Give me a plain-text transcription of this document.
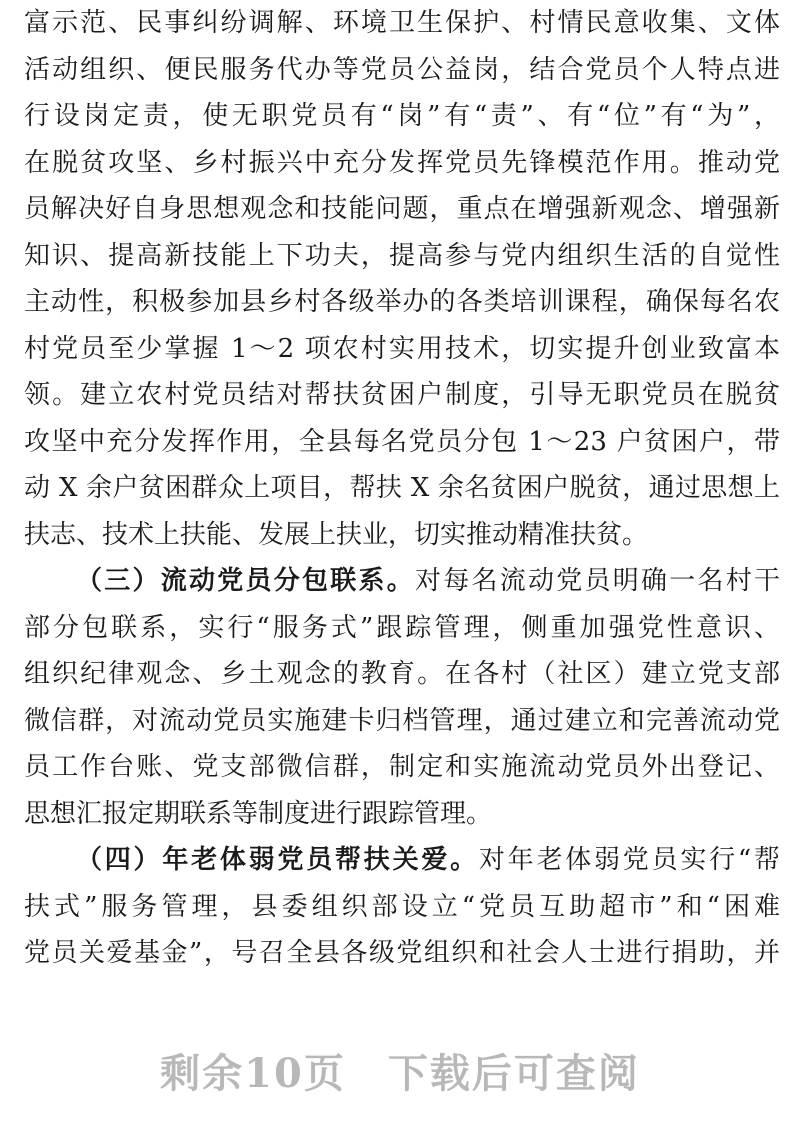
富示范、民事纠纷调解、环境卫生保护、村情民意收集、文体
活动组织、便民服务代办等党员公益岗，结合党员个人特点进
行设岗定责，使无职党员有“岗”有“责”、有“位”有“为”，
在脱贫攻坚、乡村振兴中充分发挥党员先锋模范作用。推动党
员解决好自身思想观念和技能问题，重点在增强新观念、增强新
知识、提高新技能上下功夫，提高参与党内组织生活的自觉性
主动性，积极参加县乡村各级举办的各类培训课程，确保每名农
村党员至少掌握 1～2 项农村实用技术，切实提升创业致富本
领。建立农村党员结对帮扶贫困户制度，引导无职党员在脱贫
攻坚中充分发挥作用，全县每名党员分包 1～23 户贫困户，带
动 X 余户贫困群众上项目，帮扶 X 余名贫困户脱贫，通过思想上
扶志、技术上扶能、发展上扶业，切实推动精准扶贫。
（三）流动党员分包联系。对每名流动党员明确一名村干
部分包联系，实行“服务式”跟踪管理，侧重加强党性意识、
组织纪律观念、乡土观念的教育。在各村（社区）建立党支部
微信群，对流动党员实施建卡归档管理，通过建立和完善流动党
员工作台账、党支部微信群，制定和实施流动党员外出登记、
思想汇报定期联系等制度进行跟踪管理。
（四）年老体弱党员帮扶关爱。对年老体弱党员实行“帮
扶式”服务管理，县委组织部设立“党员互助超市”和“困难
党员关爱基金”，号召全县各级党组织和社会人士进行捐助，并
剩余10页　下载后可查阅
